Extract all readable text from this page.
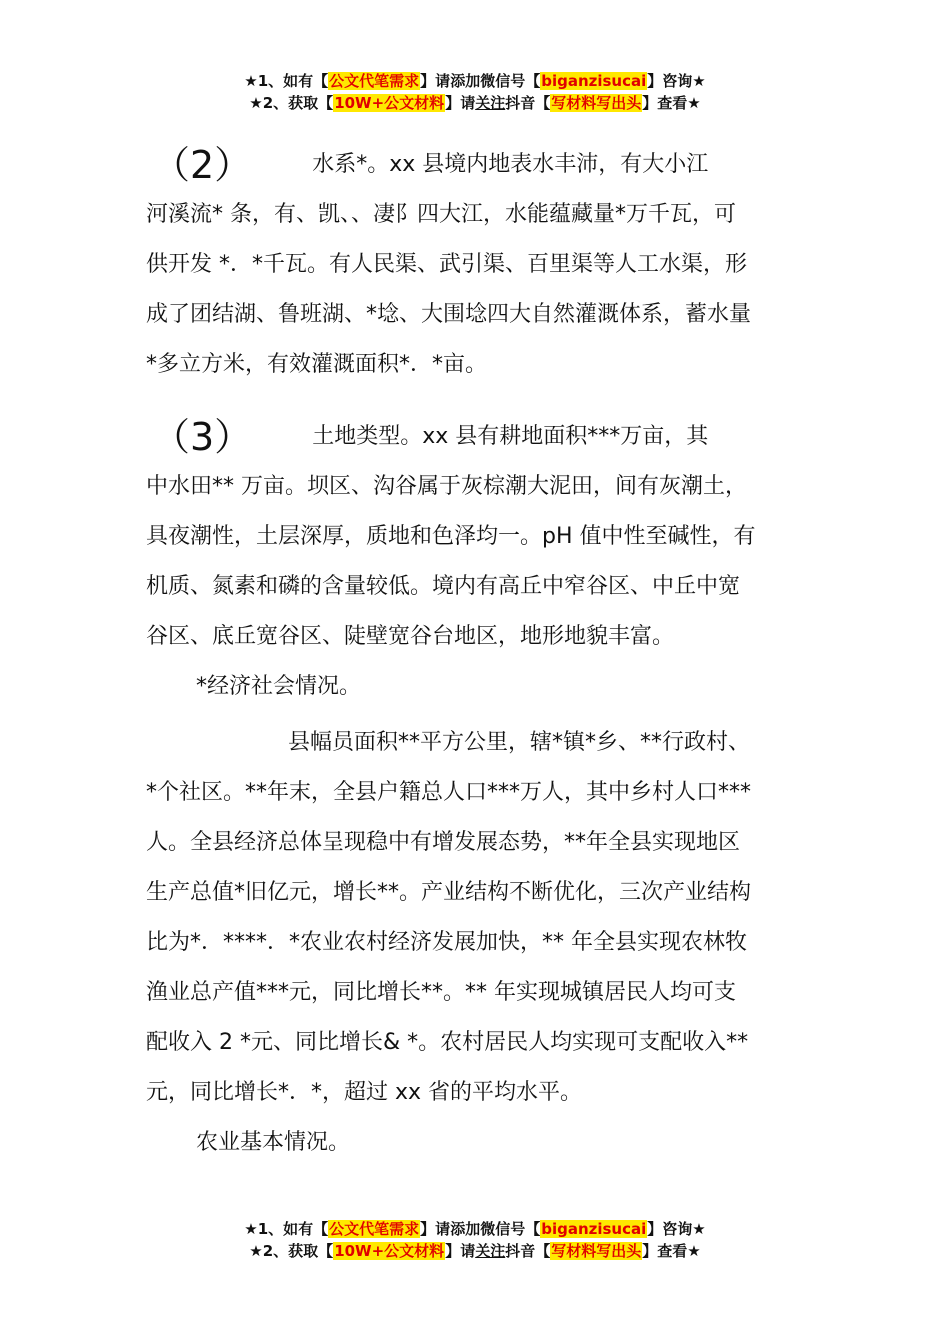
★1、如有【公文代笔需求】请添加微信号【biganzisucai】咨询★
★2、获取【10W+公文材料】请关注抖音【写材料写出头】查看★

（2）	水系*。xx 县境内地表水丰沛，有大小江

河溪流* 条，有、凯、、凄阝四大江，水能蕴藏量*万千瓦，可

供开发 *．*千瓦。有人民渠、武引渠、百里渠等人工水渠，形

成了团结湖、鲁班湖、*埝、大围埝四大自然灌溉体系，蓄水量

*多立方米，有效灌溉面积*．*亩。

（3）	土地类型。xx 县有耕地面积***万亩，其

中水田** 万亩。坝区、沟谷属于灰棕潮大泥田，间有灰潮土，

具夜潮性，土层深厚，质地和色泽均一。pH 值中性至碱性，有

机质、氮素和磷的含量较低。境内有高丘中窄谷区、中丘中宽

谷区、底丘宽谷区、陡壁宽谷台地区，地形地貌丰富。

*经济社会情况。

县幅员面积**平方公里，辖*镇*乡、**行政村、

*个社区。**年末，全县户籍总人口***万人，其中乡村人口***

人。全县经济总体呈现稳中有增发展态势，**年全县实现地区

生产总值*旧亿元，增长**。产业结构不断优化，三次产业结构

比为*．****．*农业农村经济发展加快，** 年全县实现农林牧

渔业总产值***元，同比增长**。** 年实现城镇居民人均可支

配收入 2 *元、同比增长& *。农村居民人均实现可支配收入**

元，同比增长*．*，超过 xx 省的平均水平。

农业基本情况。

★1、如有【公文代笔需求】请添加微信号【biganzisucai】咨询★
★2、获取【10W+公文材料】请关注抖音【写材料写出头】查看★
